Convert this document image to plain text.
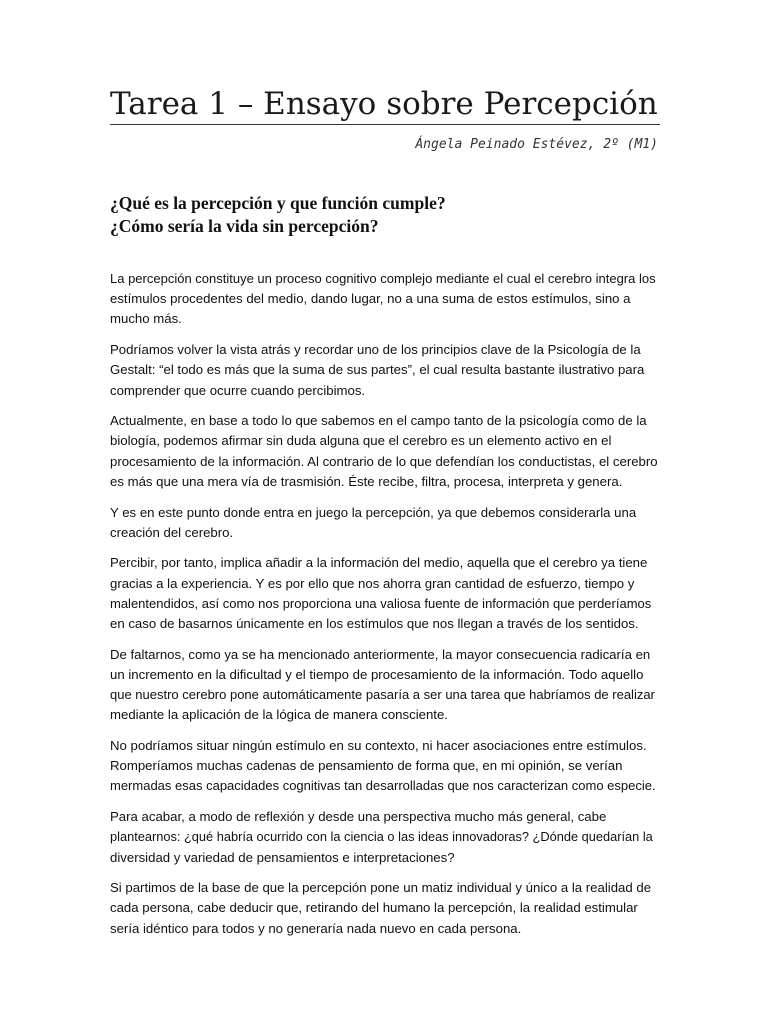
Tarea 1 – Ensayo sobre Percepción
Ángela Peinado Estévez, 2º (M1)
¿Qué es la percepción y que función cumple?
¿Cómo sería la vida sin percepción?

La percepción constituye un proceso cognitivo complejo mediante el cual el cerebro integra los
estímulos procedentes del medio, dando lugar, no a una suma de estos estímulos, sino a
mucho más.

Podríamos volver la vista atrás y recordar uno de los principios clave de la Psicología de la
Gestalt: “el todo es más que la suma de sus partes”, el cual resulta bastante ilustrativo para
comprender que ocurre cuando percibimos.

Actualmente, en base a todo lo que sabemos en el campo tanto de la psicología como de la
biología, podemos afirmar sin duda alguna que el cerebro es un elemento activo en el
procesamiento de la información. Al contrario de lo que defendían los conductistas, el cerebro
es más que una mera vía de trasmisión. Éste recibe, filtra, procesa, interpreta y genera.

Y es en este punto donde entra en juego la percepción, ya que debemos considerarla una
creación del cerebro.

Percibir, por tanto, implica añadir a la información del medio, aquella que el cerebro ya tiene
gracias a la experiencia. Y es por ello que nos ahorra gran cantidad de esfuerzo, tiempo y
malentendidos, así como nos proporciona una valiosa fuente de información que perderíamos
en caso de basarnos únicamente en los estímulos que nos llegan a través de los sentidos.

De faltarnos, como ya se ha mencionado anteriormente, la mayor consecuencia radicaría en
un incremento en la dificultad y el tiempo de procesamiento de la información. Todo aquello
que nuestro cerebro pone automáticamente pasaría a ser una tarea que habríamos de realizar
mediante la aplicación de la lógica de manera consciente.

No podríamos situar ningún estímulo en su contexto, ni hacer asociaciones entre estímulos.
Romperíamos muchas cadenas de pensamiento de forma que, en mi opinión, se verían
mermadas esas capacidades cognitivas tan desarrolladas que nos caracterizan como especie.

Para acabar, a modo de reflexión y desde una perspectiva mucho más general, cabe
plantearnos: ¿qué habría ocurrido con la ciencia o las ideas innovadoras? ¿Dónde quedarían la
diversidad y variedad de pensamientos e interpretaciones?

Si partimos de la base de que la percepción pone un matiz individual y único a la realidad de
cada persona, cabe deducir que, retirando del humano la percepción, la realidad estimular
sería idéntico para todos y no generaría nada nuevo en cada persona.
